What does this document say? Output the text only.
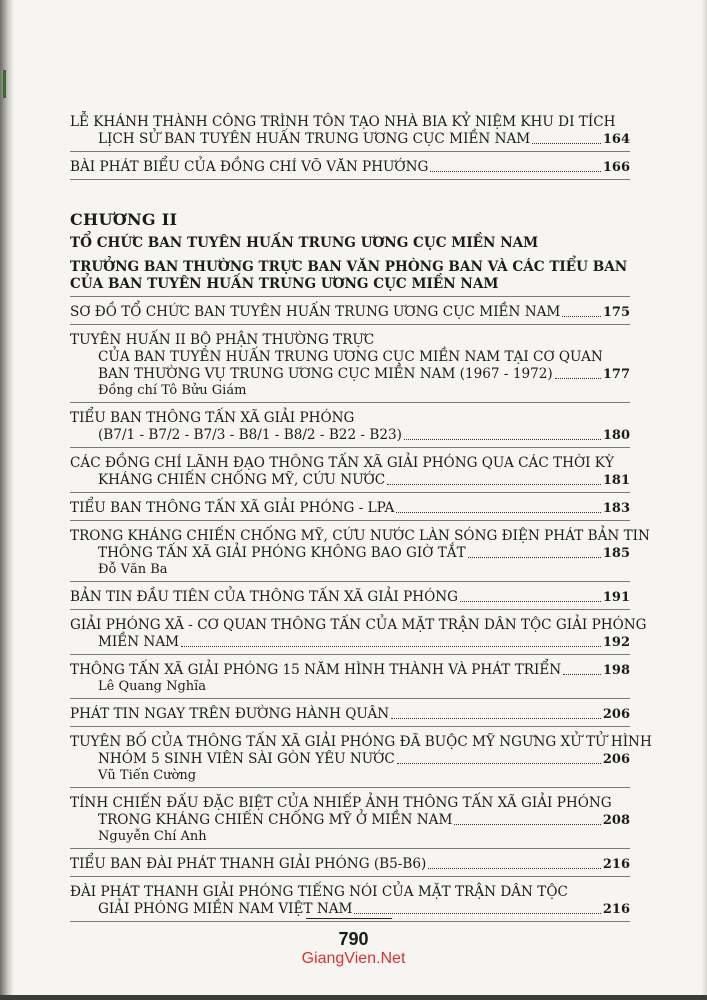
LỄ KHÁNH THÀNH CÔNG TRÌNH TÔN TẠO NHÀ BIA KỶ NIỆM KHU DI TÍCH
LỊCH SỬ BAN TUYÊN HUẤN TRUNG ƯƠNG CỤC MIỀN NAM	164
BÀI PHÁT BIỂU CỦA ĐỒNG CHÍ VÕ VĂN PHƯỚNG	166
CHƯƠNG II
TỔ CHỨC BAN TUYÊN HUẤN TRUNG ƯƠNG CỤC MIỀN NAM
TRƯỞNG BAN THƯỜNG TRỰC BAN VĂN PHÒNG BAN VÀ CÁC TIỂU BAN
CỦA BAN TUYÊN HUẤN TRUNG ƯƠNG CỤC MIỀN NAM
SƠ ĐỒ TỔ CHỨC BAN TUYÊN HUẤN TRUNG ƯƠNG CỤC MIỀN NAM	175
TUYÊN HUẤN II BỘ PHẬN THƯỜNG TRỰC
CỦA BAN TUYÊN HUẤN TRUNG ƯƠNG CỤC MIỀN NAM TẠI CƠ QUAN
BAN THƯỜNG VỤ TRUNG ƯƠNG CỤC MIỀN NAM (1967 - 1972)	177
Đồng chí Tô Bửu Giám
TIỂU BAN THÔNG TẤN XÃ GIẢI PHÓNG
(B7/1 - B7/2 - B7/3 - B8/1 - B8/2 - B22 - B23)	180
CÁC ĐỒNG CHÍ LÃNH ĐẠO THÔNG TẤN XÃ GIẢI PHÓNG QUA CÁC THỜI KỲ
KHÁNG CHIẾN CHỐNG MỸ, CỨU NƯỚC	181
TIỂU BAN THÔNG TẤN XÃ GIẢI PHÓNG - LPA	183
TRONG KHÁNG CHIẾN CHỐNG MỸ, CỨU NƯỚC LÀN SÓNG ĐIỆN PHÁT BẢN TIN
THÔNG TẤN XÃ GIẢI PHÓNG KHÔNG BAO GIỜ TẮT	185
Đỗ Văn Ba
BẢN TIN ĐẦU TIÊN CỦA THÔNG TẤN XÃ GIẢI PHÓNG	191
GIẢI PHÓNG XÃ - CƠ QUAN THÔNG TẤN CỦA MẶT TRẬN DÂN TỘC GIẢI PHÓNG
MIỀN NAM	192
THÔNG TẤN XÃ GIẢI PHÓNG 15 NĂM HÌNH THÀNH VÀ PHÁT TRIỂN	198
Lê Quang Nghĩa
PHÁT TIN NGAY TRÊN ĐƯỜNG HÀNH QUÂN	206
TUYÊN BỐ CỦA THÔNG TẤN XÃ GIẢI PHÓNG ĐÃ BUỘC MỸ NGƯNG XỬ TỬ HÌNH
NHÓM 5 SINH VIÊN SÀI GÒN YÊU NƯỚC	206
Vũ Tiến Cường
TÍNH CHIẾN ĐẤU ĐẶC BIỆT CỦA NHIẾP ẢNH THÔNG TẤN XÃ GIẢI PHÓNG
TRONG KHÁNG CHIẾN CHỐNG MỸ Ở MIỀN NAM	208
Nguyễn Chí Anh
TIỂU BAN ĐÀI PHÁT THANH GIẢI PHÓNG (B5-B6)	216
ĐÀI PHÁT THANH GIẢI PHÓNG TIẾNG NÓI CỦA MẶT TRẬN DÂN TỘC
GIẢI PHÓNG MIỀN NAM VIỆT NAM	216
790
GiangVien.Net
